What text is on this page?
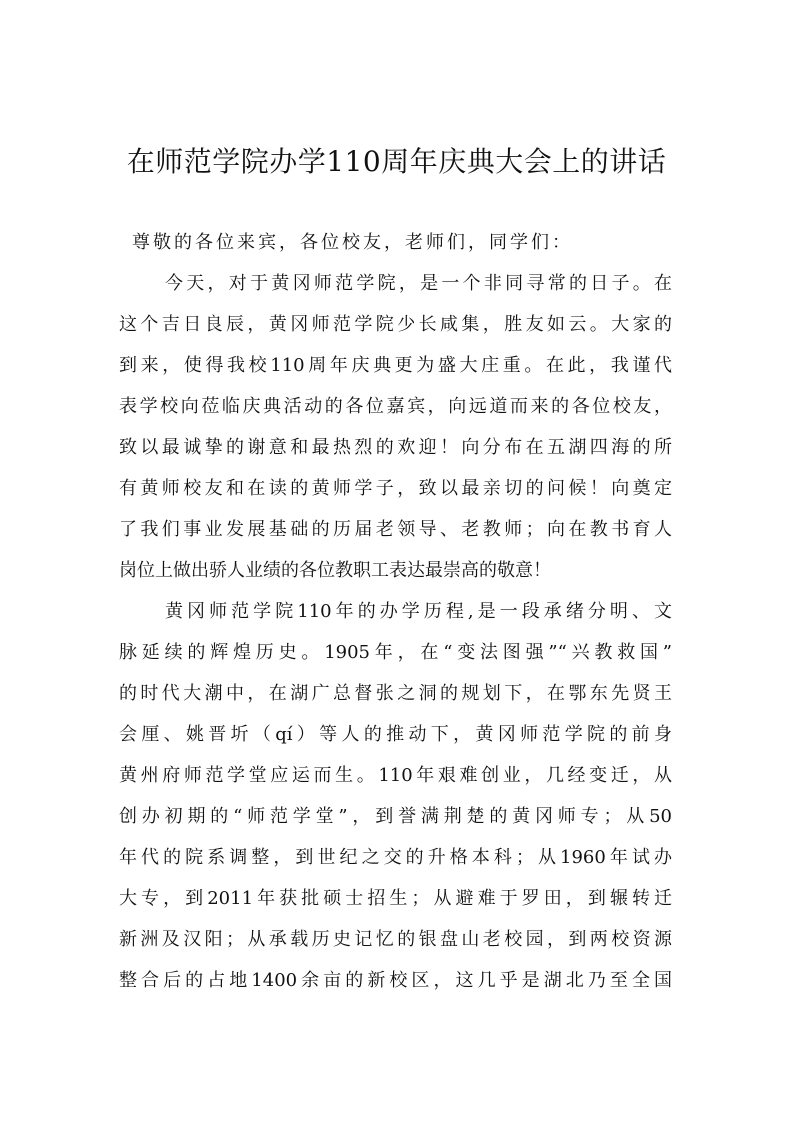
在师范学院办学110周年庆典大会上的讲话
尊敬的各位来宾，各位校友，老师们，同学们：
今天，对于黄冈师范学院，是一个非同寻常的日子。在
这个吉日良辰，黄冈师范学院少长咸集，胜友如云。大家的
到来，使得我校110周年庆典更为盛大庄重。在此，我谨代
表学校向莅临庆典活动的各位嘉宾，向远道而来的各位校友，
致以最诚挚的谢意和最热烈的欢迎！向分布在五湖四海的所
有黄师校友和在读的黄师学子，致以最亲切的问候！向奠定
了我们事业发展基础的历届老领导、老教师；向在教书育人
岗位上做出骄人业绩的各位教职工表达最崇高的敬意！
黄冈师范学院110年的办学历程,是一段承绪分明、文
脉延续的辉煌历史。1905年，在“变法图强”“兴教救国”
的时代大潮中，在湖广总督张之洞的规划下，在鄂东先贤王
会厘、姚晋圻（qí）等人的推动下，黄冈师范学院的前身
黄州府师范学堂应运而生。110年艰难创业，几经变迁，从
创办初期的“师范学堂”，到誉满荆楚的黄冈师专；从50
年代的院系调整，到世纪之交的升格本科；从1960年试办
大专，到2011年获批硕士招生；从避难于罗田，到辗转迁
新洲及汉阳；从承载历史记忆的银盘山老校园，到两校资源
整合后的占地1400余亩的新校区，这几乎是湖北乃至全国
